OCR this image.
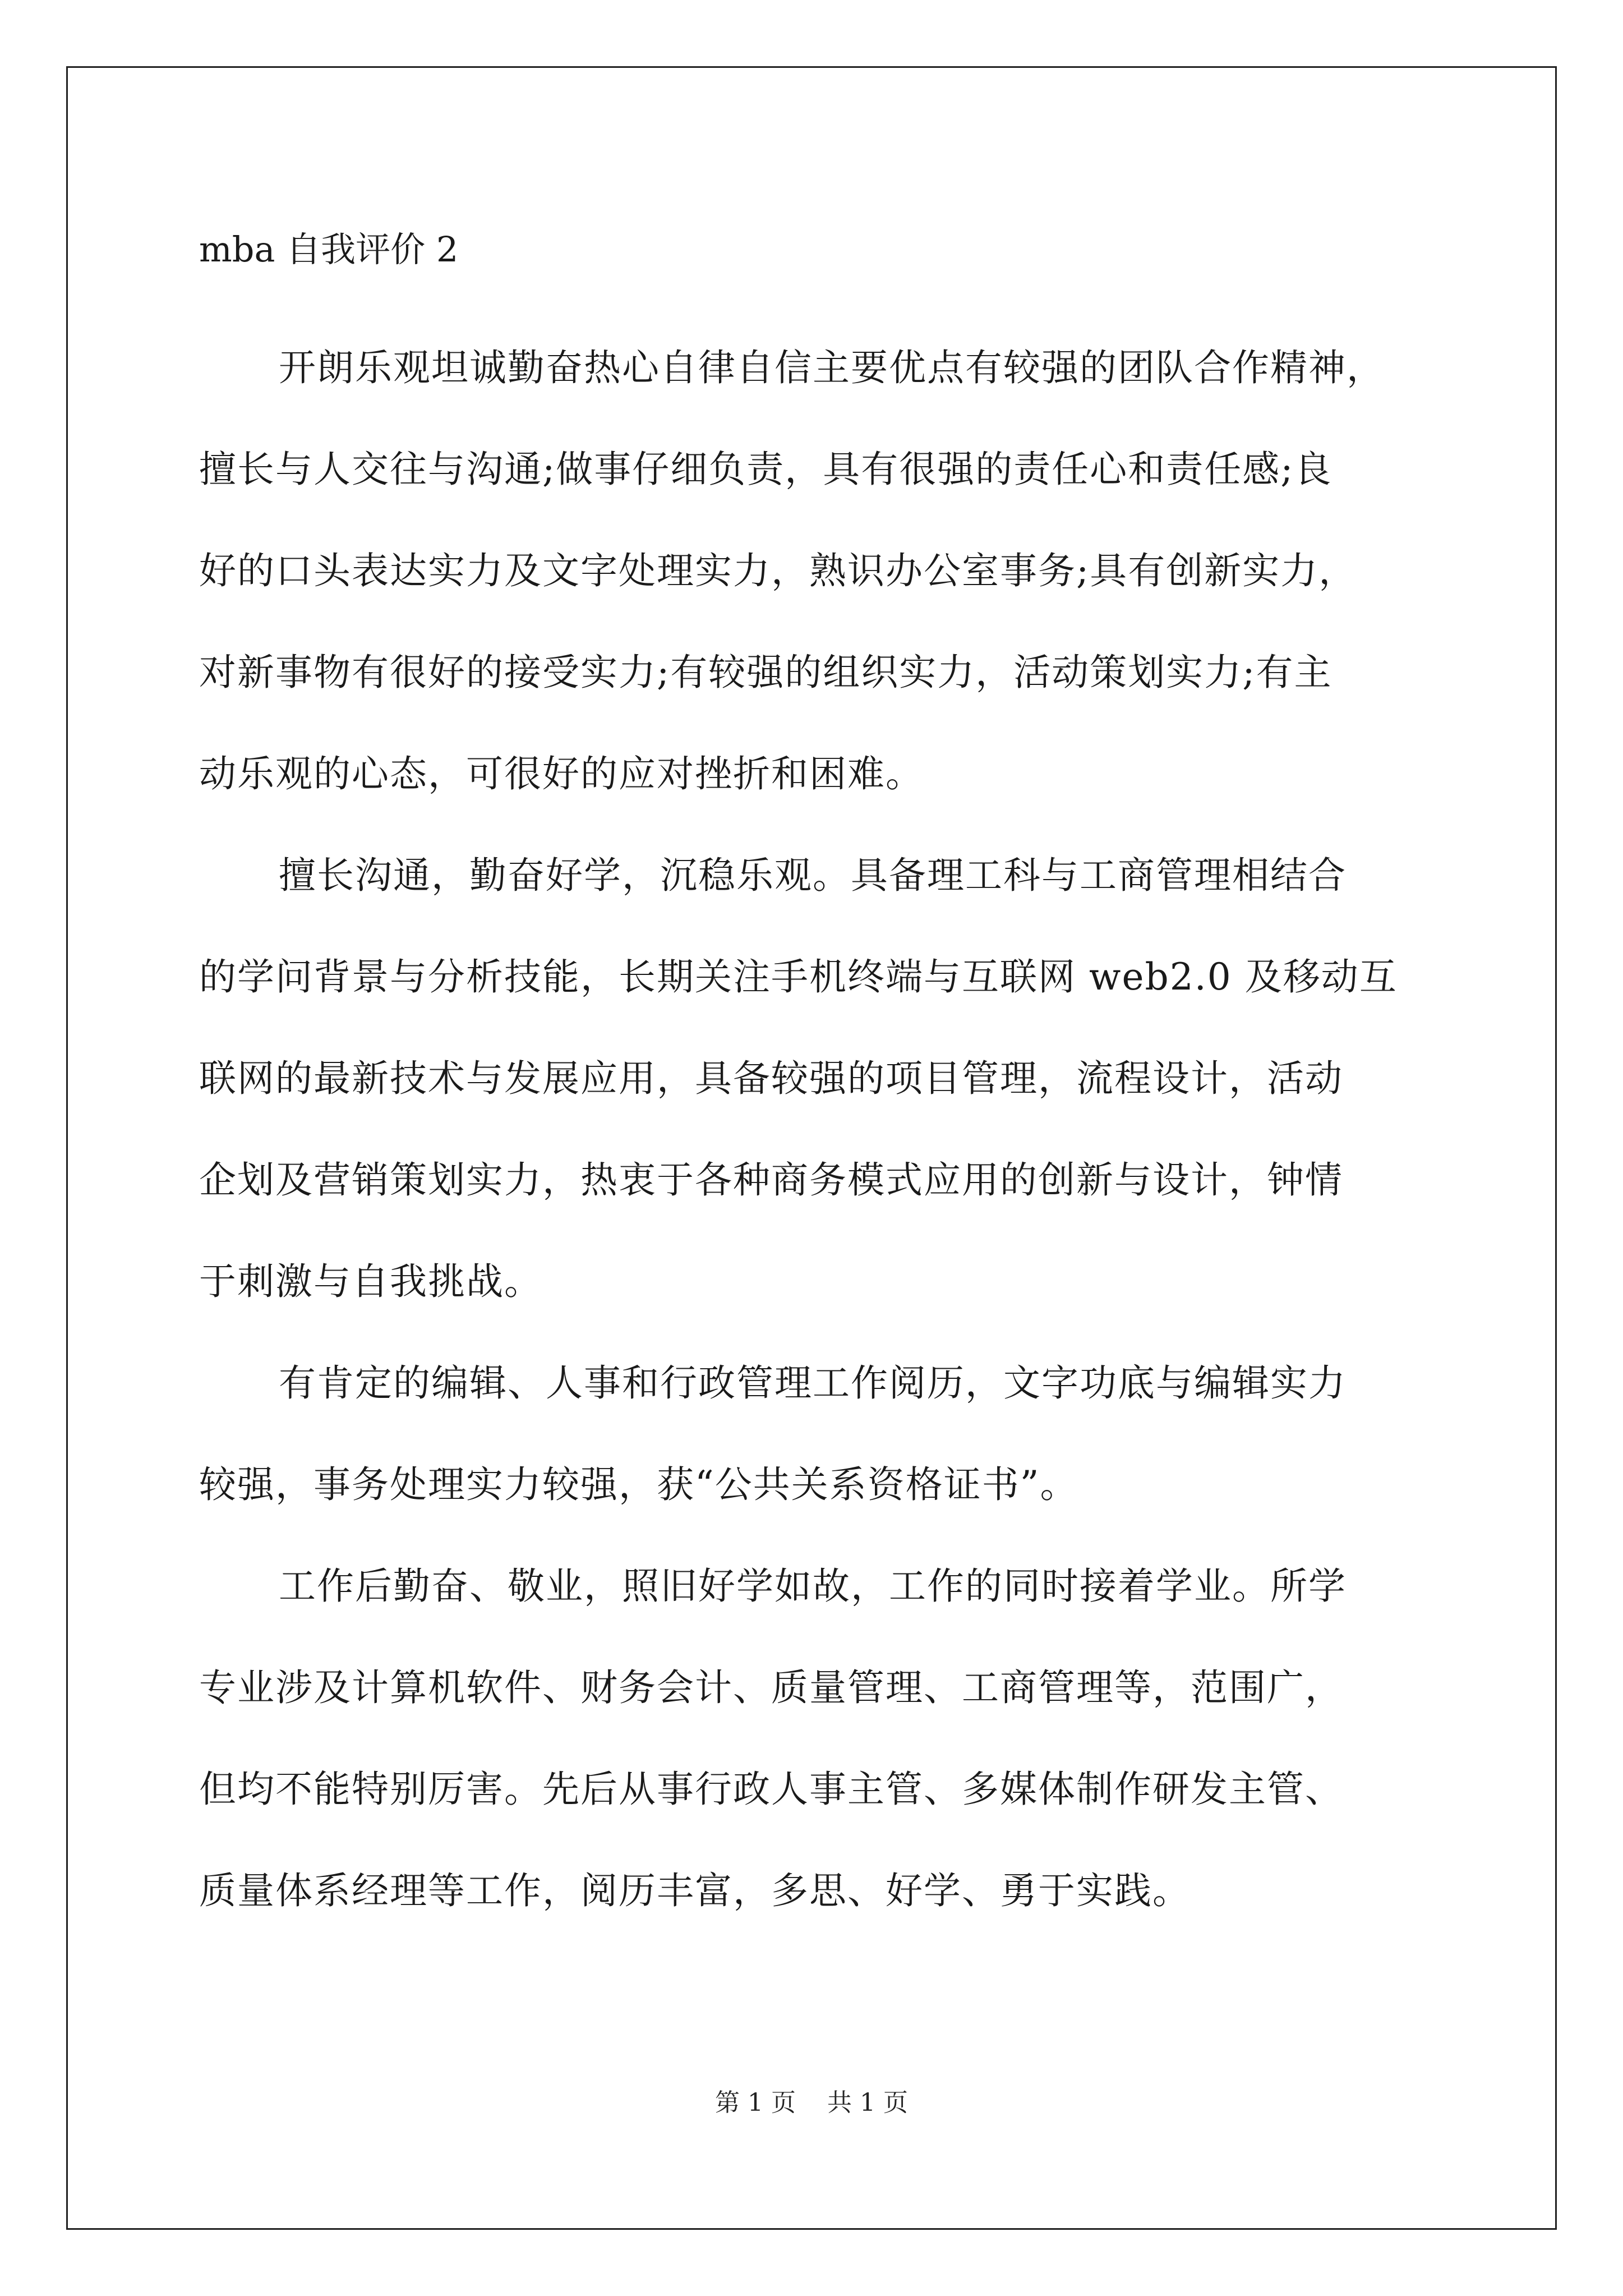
mba 自我评价 2

开朗乐观坦诚勤奋热心自律自信主要优点有较强的团队合作精神，
擅长与人交往与沟通;做事仔细负责，具有很强的责任心和责任感;良
好的口头表达实力及文字处理实力，熟识办公室事务;具有创新实力，
对新事物有很好的接受实力;有较强的组织实力，活动策划实力;有主
动乐观的心态，可很好的应对挫折和困难。

擅长沟通，勤奋好学，沉稳乐观。具备理工科与工商管理相结合
的学问背景与分析技能，长期关注手机终端与互联网 web2.0 及移动互
联网的最新技术与发展应用，具备较强的项目管理，流程设计，活动
企划及营销策划实力，热衷于各种商务模式应用的创新与设计，钟情
于刺激与自我挑战。

有肯定的编辑、人事和行政管理工作阅历，文字功底与编辑实力
较强，事务处理实力较强，获“公共关系资格证书”。

工作后勤奋、敬业，照旧好学如故，工作的同时接着学业。所学
专业涉及计算机软件、财务会计、质量管理、工商管理等，范围广，
但均不能特别厉害。先后从事行政人事主管、多媒体制作研发主管、
质量体系经理等工作，阅历丰富，多思、好学、勇于实践。

第 1 页 共 1 页
